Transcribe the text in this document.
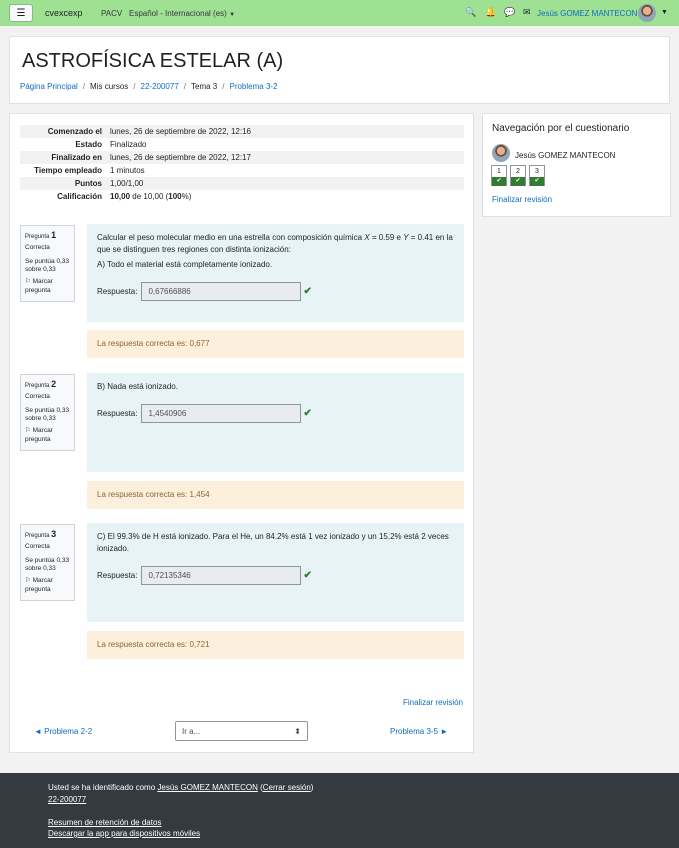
☰ cvexcexp PACV Español - Internacional (es) ▼	🔍 🔔 💬 ✉ Jesús GOMEZ MANTECON	▼
ASTROFÍSICA ESTELAR (A)
Página Principal / Mis cursos / 22-200077 / Tema 3 / Problema 3-2
Comenzado el	lunes, 26 de septiembre de 2022, 12:16
Estado	Finalizado
Finalizado en	lunes, 26 de septiembre de 2022, 12:17
Tiempo empleado	1 minutos
Puntos	1,00/1,00
Calificación	10,00 de 10,00 (100%)
Pregunta 1
Correcta
Se puntúa 0,33 sobre 0,33
⚐ Marcar pregunta
Calcular el peso molecular medio en una estrella con composición química X = 0.59 e Y = 0.41 en la que se distinguen tres regiones con distinta ionización:
A) Todo el material está completamente ionizado.
Respuesta:	0,67666886	✔
La respuesta correcta es: 0,677
Pregunta 2
Correcta
Se puntúa 0,33 sobre 0,33
⚐ Marcar pregunta
B) Nada está ionizado.
Respuesta:	1,4540906	✔
La respuesta correcta es: 1,454
Pregunta 3
Correcta
Se puntúa 0,33 sobre 0,33
⚐ Marcar pregunta
C) El 99.3% de H está ionizado. Para el He, un 84.2% está 1 vez ionizado y un 15.2% está 2 veces ionizado.
Respuesta:	0,72135346	✔
La respuesta correcta es: 0,721
Finalizar revisión
◄ Problema 2-2	Ir a...	⬍	Problema 3-5 ►
Navegación por el cuestionario
Jesús GOMEZ MANTECON
1
✔
2
✔
3
✔
Finalizar revisión
Usted se ha identificado como Jesús GOMEZ MANTECON (Cerrar sesión)
22-200077
Resumen de retención de datos
Descargar la app para dispositivos móviles
